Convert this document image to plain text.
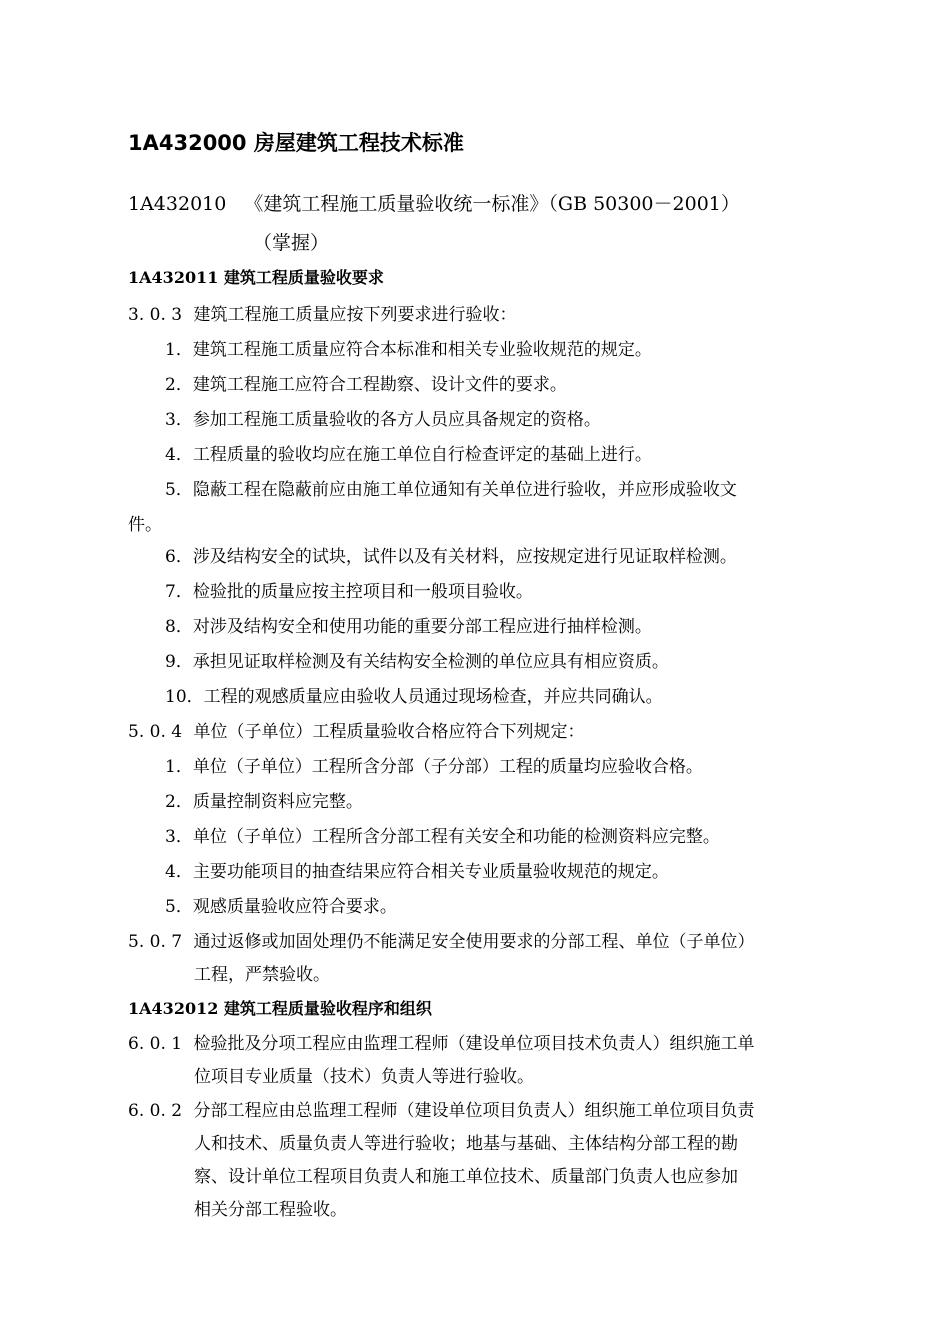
1A432000 房屋建筑工程技术标准
1A432010 《建筑工程施工质量验收统一标准》（GB 50300－2001）
（掌握）
1A432011 建筑工程质量验收要求
3. 0. 3 建筑工程施工质量应按下列要求进行验收：
1．建筑工程施工质量应符合本标准和相关专业验收规范的规定。
2．建筑工程施工应符合工程勘察、设计文件的要求。
3．参加工程施工质量验收的各方人员应具备规定的资格。
4．工程质量的验收均应在施工单位自行检查评定的基础上进行。
5．隐蔽工程在隐蔽前应由施工单位通知有关单位进行验收，并应形成验收文
件。
6．涉及结构安全的试块，试件以及有关材料，应按规定进行见证取样检测。
7．检验批的质量应按主控项目和一般项目验收。
8．对涉及结构安全和使用功能的重要分部工程应进行抽样检测。
9．承担见证取样检测及有关结构安全检测的单位应具有相应资质。
10．工程的观感质量应由验收人员通过现场检查，并应共同确认。
5. 0. 4 单位（子单位）工程质量验收合格应符合下列规定：
1．单位（子单位）工程所含分部（子分部）工程的质量均应验收合格。
2．质量控制资料应完整。
3．单位（子单位）工程所含分部工程有关安全和功能的检测资料应完整。
4．主要功能项目的抽查结果应符合相关专业质量验收规范的规定。
5．观感质量验收应符合要求。
5. 0. 7 通过返修或加固处理仍不能满足安全使用要求的分部工程、单位（子单位）
工程，严禁验收。
1A432012 建筑工程质量验收程序和组织
6. 0. 1 检验批及分项工程应由监理工程师（建设单位项目技术负责人）组织施工单
位项目专业质量（技术）负责人等进行验收。
6. 0. 2 分部工程应由总监理工程师（建设单位项目负责人）组织施工单位项目负责
人和技术、质量负责人等进行验收；地基与基础、主体结构分部工程的勘
察、设计单位工程项目负责人和施工单位技术、质量部门负责人也应参加
相关分部工程验收。
